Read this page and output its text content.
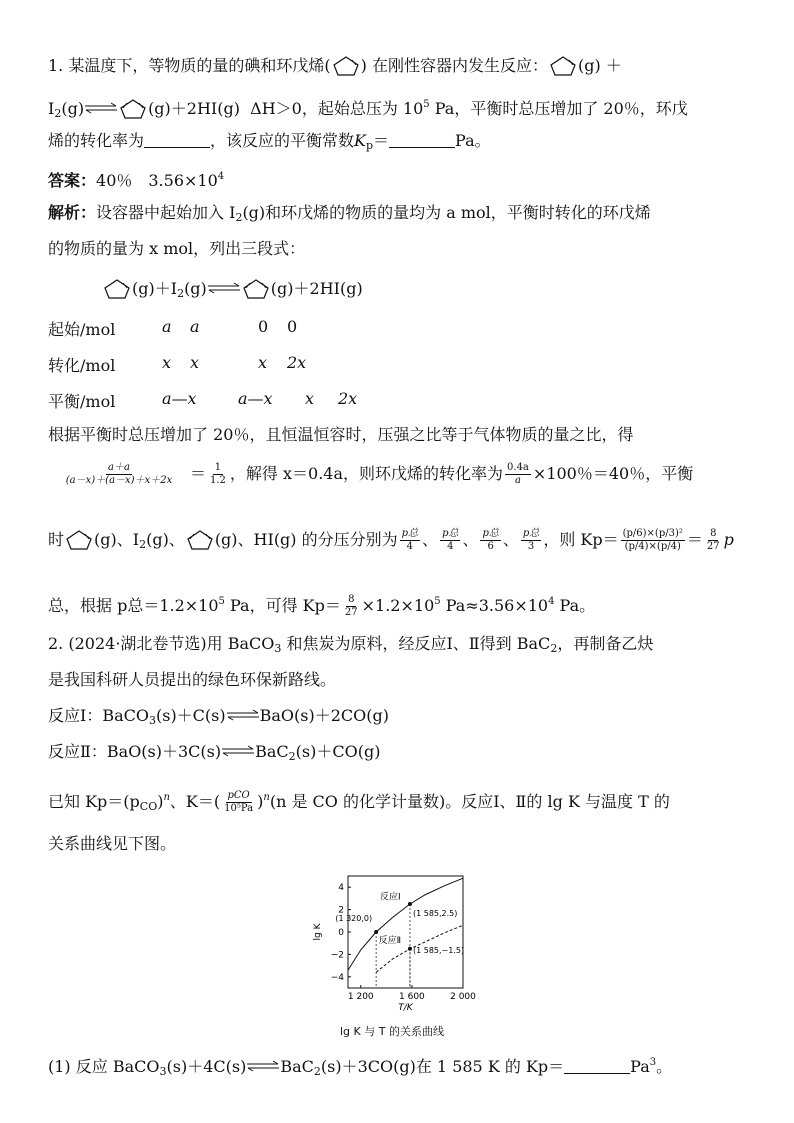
1. 某温度下，等物质的量的碘和环戊烯( ) 在刚性容器内发生反应： (g) ＋
$I_2(g)\rightleftharpoons$ (g)＋2HI(g) ΔH＞0，起始总压为 $10^5$ Pa，平衡时总压增加了 20％，环戊
烯的转化率为	，该反应的平衡常数$K_p=$	Pa。
答案：40％　$3.56\times 10^4$
解析：设容器中起始加入 $I_2(g)$和环戊烯的物质的量均为 a mol，平衡时转化的环戊烯
的物质的量为 x mol，列出三段式：
$(g)+I_2(g)\rightleftharpoons$ (g)＋2HI(g)
起始/mol	a a	0 0
转化/mol	x x	x 2x
平衡/mol	a—x	a—x x 2x
根据平衡时总压增加了 20％，且恒温恒容时，压强之比等于气体物质的量之比，得
$\frac{a+a}{(a-x)+(a-x)+x+2x} = \frac{1}{1.2}$ ，解得 x＝0.4a，则环戊烯的转化率为 $\frac{0.4a}{a} \times 100$％＝40％，平衡
时 (g)、$I_2(g)$、 (g)、HI(g) 的分压分别为 $\frac{\text{p总}}{4}$ 、 $\frac{\text{p总}}{4}$ 、 $\frac{\text{p总}}{6}$ 、 $\frac{\text{p总}}{3}$ ，则 $Kp= \frac{\text{(p/6)×(p/3)²}}{(p/4)\times(p/4)} = \frac{8}{27}$ p
总，根据 p总$=1.2\times 10^5$ Pa，可得 $Kp= \frac{8}{27} \times 1.2\times 10^5$ $Pa\approx 3.56\times 10^4$ Pa。
2. (2024·湖北卷节选)用 BaCO$_3$ 和焦炭为原料，经反应Ⅰ、Ⅱ得到 BaC$_2$，再制备乙炔
是我国科研人员提出的绿色环保新路线。
反应Ⅰ：BaCO$_3$(s)＋C(s)⇌BaO(s)＋2CO(g)
反应Ⅱ：BaO(s)＋3C(s)⇌BaC$_2$(s)＋CO(g)
已知 $Kp=(p_{CO})^n$、$K=( \frac{\text{pCO}}{\text{10⁵Pa}} )^n(n$ 是 CO 的化学计量数)。反应Ⅰ、Ⅱ的 lg K 与温度 T 的
关系曲线见下图。
4
2
0
−2
−4
1 200	1 600	2 000
T/K
lg K
(1 320,0)
(1 585,2.5)
(1 585,−1.5)
反应Ⅰ
反应Ⅱ
lg K 与 T 的关系曲线
(1) 反应 BaCO$_3$(s)＋4C(s)⇌BaC$_2$(s)＋3CO(g)在 1 585 K 的 Kp＝	$Pa^3$。
